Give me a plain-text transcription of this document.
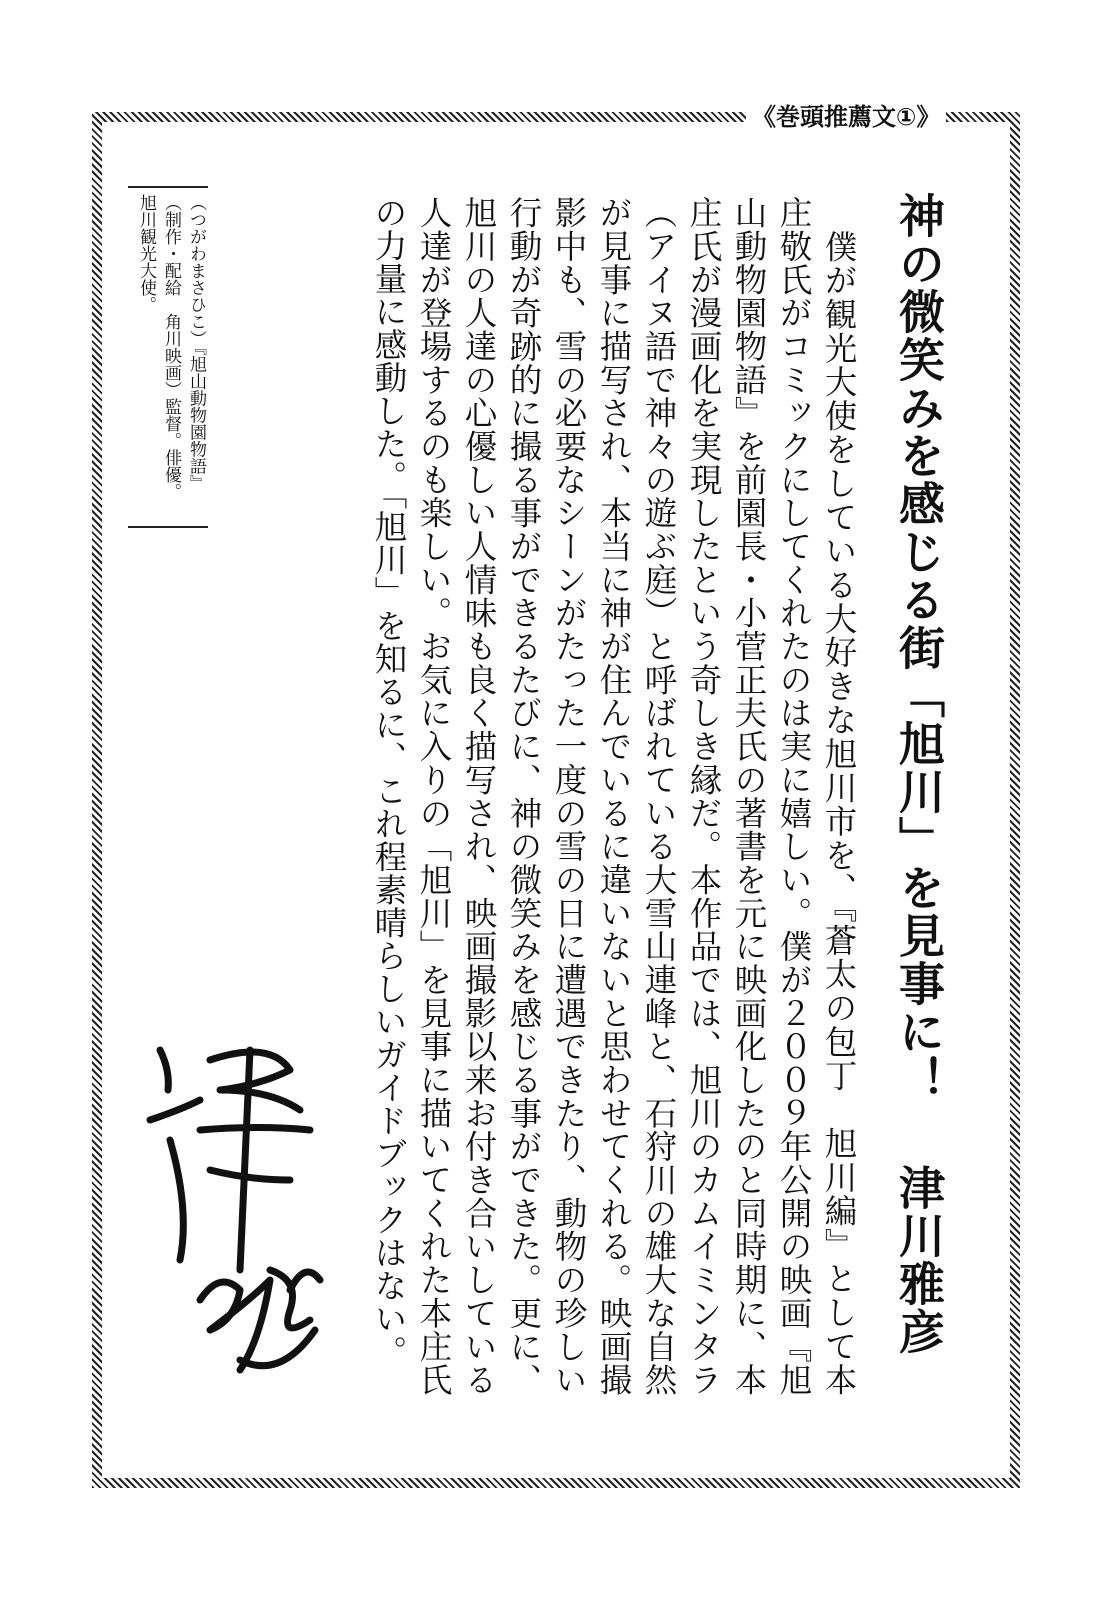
《巻頭推薦文①》
神の微笑みを感じる街「旭川」を見事に！津川雅彦
　僕が観光大使をしている大好きな旭川市を、『蒼太の包丁　旭川編』として本庄敬氏がコミックにしてくれたのは実に嬉しい。僕が２００９年公開の映画『旭山動物園物語』を前園長・小菅正夫氏の著書を元に映画化したのと同時期に、本庄氏が漫画化を実現したという奇しき縁だ。本作品では、旭川のカムイミンタラ（アイヌ語で神々の遊ぶ庭）と呼ばれている大雪山連峰と、石狩川の雄大な自然が見事に描写され、本当に神が住んでいるに違いないと思わせてくれる。映画撮影中も、雪の必要なシーンがたった一度の雪の日に遭遇できたり、動物の珍しい行動が奇跡的に撮る事ができるたびに、神の微笑みを感じる事ができた。更に、旭川の人達の心優しい人情味も良く描写され、映画撮影以来お付き合いしている人達が登場するのも楽しい。お気に入りの「旭川」を見事に描いてくれた本庄氏の力量に感動した。「旭川」を知るに、これ程素晴らしいガイドブックはない。
（つがわまさひこ）『旭山動物園物語』
（制作・配給　角川映画）監督。俳優。
旭川観光大使。
